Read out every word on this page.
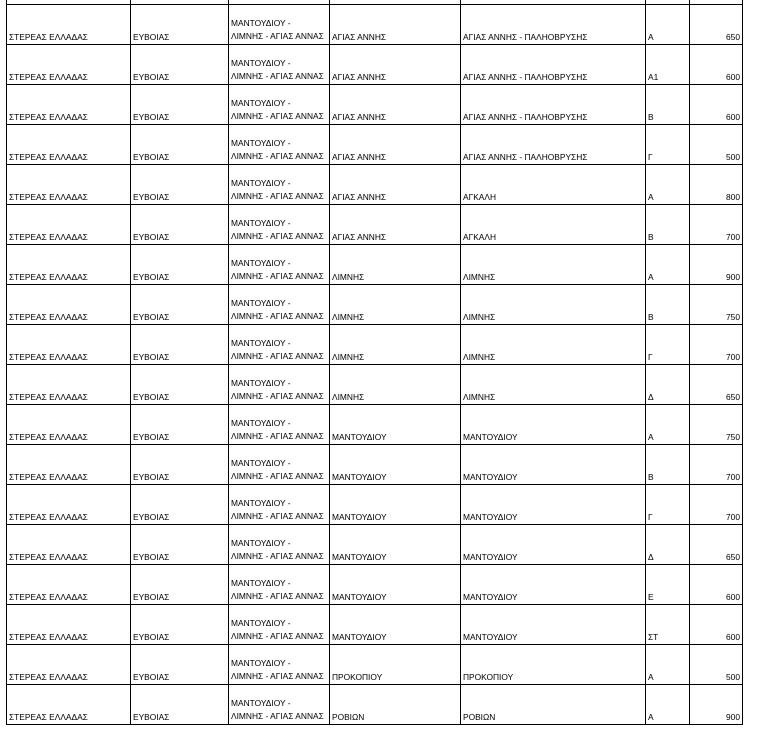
ΣΤΕΡΕΑΣ ΕΛΛΑΔΑΣ	ΕΥΒΟΙΑΣ	ΜΑΝΤΟΥΔΙΟΥ -
ΛΙΜΝΗΣ - ΑΓΙΑΣ ΑΝΝΑΣ	ΑΓΙΑΣ ΑΝΝΗΣ	ΑΓΙΑΣ ΑΝΝΗΣ - ΠΑΛΗΟΒΡΥΣΗΣ	Α	650
ΣΤΕΡΕΑΣ ΕΛΛΑΔΑΣ	ΕΥΒΟΙΑΣ	ΜΑΝΤΟΥΔΙΟΥ -
ΛΙΜΝΗΣ - ΑΓΙΑΣ ΑΝΝΑΣ	ΑΓΙΑΣ ΑΝΝΗΣ	ΑΓΙΑΣ ΑΝΝΗΣ - ΠΑΛΗΟΒΡΥΣΗΣ	Α1	600
ΣΤΕΡΕΑΣ ΕΛΛΑΔΑΣ	ΕΥΒΟΙΑΣ	ΜΑΝΤΟΥΔΙΟΥ -
ΛΙΜΝΗΣ - ΑΓΙΑΣ ΑΝΝΑΣ	ΑΓΙΑΣ ΑΝΝΗΣ	ΑΓΙΑΣ ΑΝΝΗΣ - ΠΑΛΗΟΒΡΥΣΗΣ	Β	600
ΣΤΕΡΕΑΣ ΕΛΛΑΔΑΣ	ΕΥΒΟΙΑΣ	ΜΑΝΤΟΥΔΙΟΥ -
ΛΙΜΝΗΣ - ΑΓΙΑΣ ΑΝΝΑΣ	ΑΓΙΑΣ ΑΝΝΗΣ	ΑΓΙΑΣ ΑΝΝΗΣ - ΠΑΛΗΟΒΡΥΣΗΣ	Γ	500
ΣΤΕΡΕΑΣ ΕΛΛΑΔΑΣ	ΕΥΒΟΙΑΣ	ΜΑΝΤΟΥΔΙΟΥ -
ΛΙΜΝΗΣ - ΑΓΙΑΣ ΑΝΝΑΣ	ΑΓΙΑΣ ΑΝΝΗΣ	ΑΓΚΑΛΗ	Α	800
ΣΤΕΡΕΑΣ ΕΛΛΑΔΑΣ	ΕΥΒΟΙΑΣ	ΜΑΝΤΟΥΔΙΟΥ -
ΛΙΜΝΗΣ - ΑΓΙΑΣ ΑΝΝΑΣ	ΑΓΙΑΣ ΑΝΝΗΣ	ΑΓΚΑΛΗ	Β	700
ΣΤΕΡΕΑΣ ΕΛΛΑΔΑΣ	ΕΥΒΟΙΑΣ	ΜΑΝΤΟΥΔΙΟΥ -
ΛΙΜΝΗΣ - ΑΓΙΑΣ ΑΝΝΑΣ	ΛΙΜΝΗΣ	ΛΙΜΝΗΣ	Α	900
ΣΤΕΡΕΑΣ ΕΛΛΑΔΑΣ	ΕΥΒΟΙΑΣ	ΜΑΝΤΟΥΔΙΟΥ -
ΛΙΜΝΗΣ - ΑΓΙΑΣ ΑΝΝΑΣ	ΛΙΜΝΗΣ	ΛΙΜΝΗΣ	Β	750
ΣΤΕΡΕΑΣ ΕΛΛΑΔΑΣ	ΕΥΒΟΙΑΣ	ΜΑΝΤΟΥΔΙΟΥ -
ΛΙΜΝΗΣ - ΑΓΙΑΣ ΑΝΝΑΣ	ΛΙΜΝΗΣ	ΛΙΜΝΗΣ	Γ	700
ΣΤΕΡΕΑΣ ΕΛΛΑΔΑΣ	ΕΥΒΟΙΑΣ	ΜΑΝΤΟΥΔΙΟΥ -
ΛΙΜΝΗΣ - ΑΓΙΑΣ ΑΝΝΑΣ	ΛΙΜΝΗΣ	ΛΙΜΝΗΣ	Δ	650
ΣΤΕΡΕΑΣ ΕΛΛΑΔΑΣ	ΕΥΒΟΙΑΣ	ΜΑΝΤΟΥΔΙΟΥ -
ΛΙΜΝΗΣ - ΑΓΙΑΣ ΑΝΝΑΣ	ΜΑΝΤΟΥΔΙΟΥ	ΜΑΝΤΟΥΔΙΟΥ	Α	750
ΣΤΕΡΕΑΣ ΕΛΛΑΔΑΣ	ΕΥΒΟΙΑΣ	ΜΑΝΤΟΥΔΙΟΥ -
ΛΙΜΝΗΣ - ΑΓΙΑΣ ΑΝΝΑΣ	ΜΑΝΤΟΥΔΙΟΥ	ΜΑΝΤΟΥΔΙΟΥ	Β	700
ΣΤΕΡΕΑΣ ΕΛΛΑΔΑΣ	ΕΥΒΟΙΑΣ	ΜΑΝΤΟΥΔΙΟΥ -
ΛΙΜΝΗΣ - ΑΓΙΑΣ ΑΝΝΑΣ	ΜΑΝΤΟΥΔΙΟΥ	ΜΑΝΤΟΥΔΙΟΥ	Γ	700
ΣΤΕΡΕΑΣ ΕΛΛΑΔΑΣ	ΕΥΒΟΙΑΣ	ΜΑΝΤΟΥΔΙΟΥ -
ΛΙΜΝΗΣ - ΑΓΙΑΣ ΑΝΝΑΣ	ΜΑΝΤΟΥΔΙΟΥ	ΜΑΝΤΟΥΔΙΟΥ	Δ	650
ΣΤΕΡΕΑΣ ΕΛΛΑΔΑΣ	ΕΥΒΟΙΑΣ	ΜΑΝΤΟΥΔΙΟΥ -
ΛΙΜΝΗΣ - ΑΓΙΑΣ ΑΝΝΑΣ	ΜΑΝΤΟΥΔΙΟΥ	ΜΑΝΤΟΥΔΙΟΥ	Ε	600
ΣΤΕΡΕΑΣ ΕΛΛΑΔΑΣ	ΕΥΒΟΙΑΣ	ΜΑΝΤΟΥΔΙΟΥ -
ΛΙΜΝΗΣ - ΑΓΙΑΣ ΑΝΝΑΣ	ΜΑΝΤΟΥΔΙΟΥ	ΜΑΝΤΟΥΔΙΟΥ	ΣΤ	600
ΣΤΕΡΕΑΣ ΕΛΛΑΔΑΣ	ΕΥΒΟΙΑΣ	ΜΑΝΤΟΥΔΙΟΥ -
ΛΙΜΝΗΣ - ΑΓΙΑΣ ΑΝΝΑΣ	ΠΡΟΚΟΠΙΟΥ	ΠΡΟΚΟΠΙΟΥ	Α	500
ΣΤΕΡΕΑΣ ΕΛΛΑΔΑΣ	ΕΥΒΟΙΑΣ	ΜΑΝΤΟΥΔΙΟΥ -
ΛΙΜΝΗΣ - ΑΓΙΑΣ ΑΝΝΑΣ	ΡΟΒΙΩΝ	ΡΟΒΙΩΝ	Α	900
